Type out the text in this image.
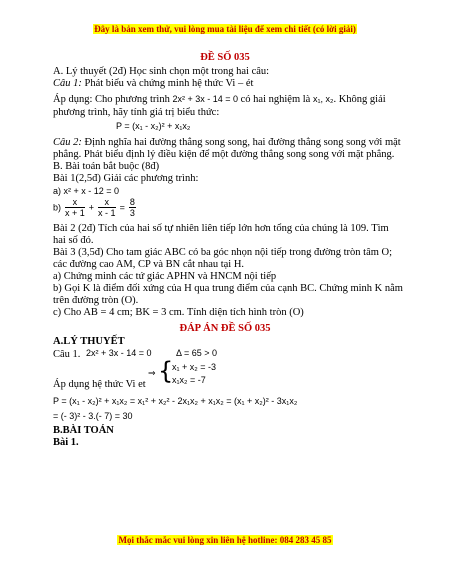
Đây là bản xem thử, vui lòng mua tài liệu để xem chi tiết (có lời giải)
ĐỀ SỐ 035
A. Lý thuyết (2đ) Học sinh chọn một trong hai câu:
Câu 1: Phát biểu và chứng minh hệ thức Vi – ét
Áp dụng: Cho phương trình 2x² + 3x - 14 = 0 có hai nghiệm là x₁, x₂. Không giải
phương trình, hãy tính giá trị biểu thức:
P = (x₁ - x₂)² + x₁x₂
Câu 2: Định nghĩa hai đường thẳng song song, hai đường thẳng song song với mặt
phẳng. Phát biểu định lý điều kiện để một đường thẳng song song với mặt phẳng.
B. Bài toán bắt buộc (8đ)
Bài 1(2,5đ) Giải các phương trình:
a) x² + x - 12 = 0
$b) \frac{x}{x + 1} + \frac{x}{x - 1} = \frac{8}{3}$
Bài 2 (2đ) Tích của hai số tự nhiên liên tiếp lớn hơn tổng của chúng là 109. Tìm
hai số đó.
Bài 3 (3,5đ) Cho tam giác ABC có ba góc nhọn nội tiếp trong đường tròn tâm O;
các đường cao AM, CP và BN cắt nhau tại H.
a) Chứng minh các tứ giác APHN và HNCM nội tiếp
b) Gọi K là điểm đối xứng của H qua trung điểm của cạnh BC. Chứng minh K nằm
trên đường tròn (O).
c) Cho AB = 4 cm; BK = 3 cm. Tính diện tích hình tròn (O)
ĐÁP ÁN ĐỀ SỐ 035
A.LÝ THUYẾT
Câu 1. 2x² + 3x - 14 = 0	Δ = 65 > 0
⇒ {
x₁ + x₂ = -3
x₁x₂ = -7
Áp dụng hệ thức Vi et
P = (x₁ - x₂)² + x₁x₂ = x₁² + x₂² - 2x₁x₂ + x₁x₂ = (x₁ + x₂)² - 3x₁x₂
= (- 3)² - 3.(- 7) = 30
B.BÀI TOÁN
Bài 1.
Mọi thắc mắc vui lòng xin liên hệ hotline: 084 283 45 85
